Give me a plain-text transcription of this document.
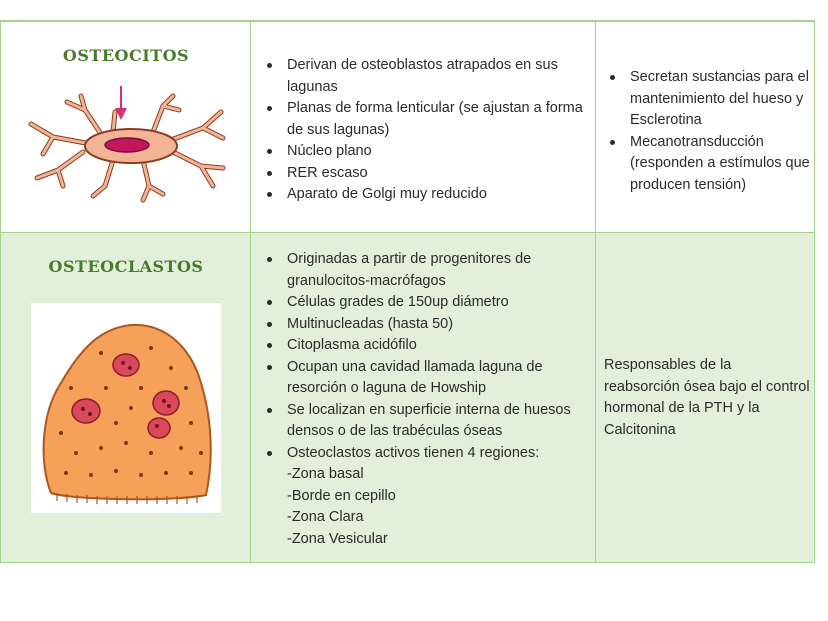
OSTEOCITOS	Derivan de osteoblastos atrapados en sus lagunas
Planas de forma lenticular (se ajustan a forma de sus lagunas)
Núcleo plano
RER escaso
Aparato de Golgi muy reducido
Secretan sustancias para el mantenimiento del hueso y Esclerotina
Mecanotransducción (responden a estímulos que producen tensión)
OSTEOCLASTOS	Originadas a partir de progenitores de granulocitos-macrófagos
Células grades de 150up diámetro
Multinucleadas (hasta 50)
Citoplasma acidófilo
Ocupan una cavidad llamada laguna de resorción o laguna de Howship
Se localizan en superficie interna de huesos densos o de las trabéculas óseas
Osteoclastos activos tienen 4 regiones:
-Zona basal
-Borde en cepillo
-Zona Clara
-Zona Vesicular
Responsables de la reabsorción ósea bajo el control hormonal de la PTH y la Calcitonina
